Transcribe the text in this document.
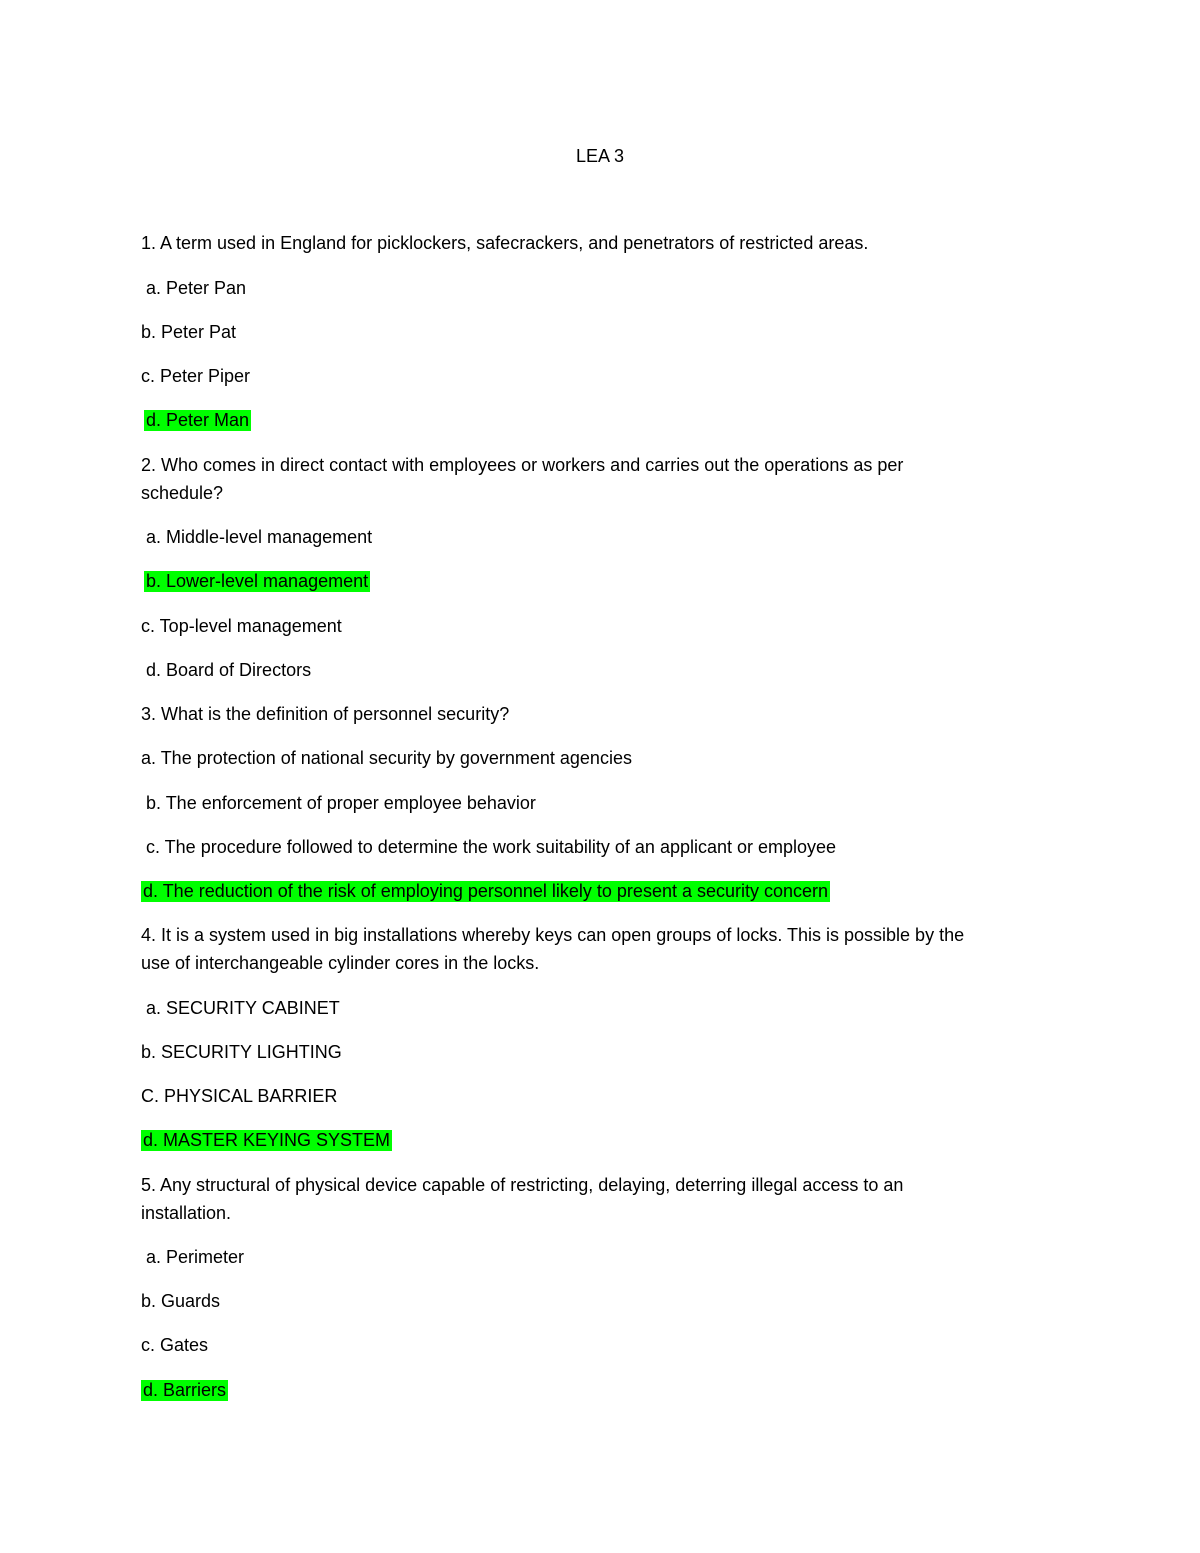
LEA 3
1. A term used in England for picklockers, safecrackers, and penetrators of restricted areas.
a. Peter Pan
b. Peter Pat
c. Peter Piper
d. Peter Man
2. Who comes in direct contact with employees or workers and carries out the operations as per
schedule?
a. Middle-level management
b. Lower-level management
c. Top-level management
d. Board of Directors
3. What is the definition of personnel security?
a. The protection of national security by government agencies
b. The enforcement of proper employee behavior
c. The procedure followed to determine the work suitability of an applicant or employee
d. The reduction of the risk of employing personnel likely to present a security concern
4. It is a system used in big installations whereby keys can open groups of locks. This is possible by the
use of interchangeable cylinder cores in the locks.
a. SECURITY CABINET
b. SECURITY LIGHTING
C. PHYSICAL BARRIER
d. MASTER KEYING SYSTEM
5. Any structural of physical device capable of restricting, delaying, deterring illegal access to an
installation.
a. Perimeter
b. Guards
c. Gates
d. Barriers
